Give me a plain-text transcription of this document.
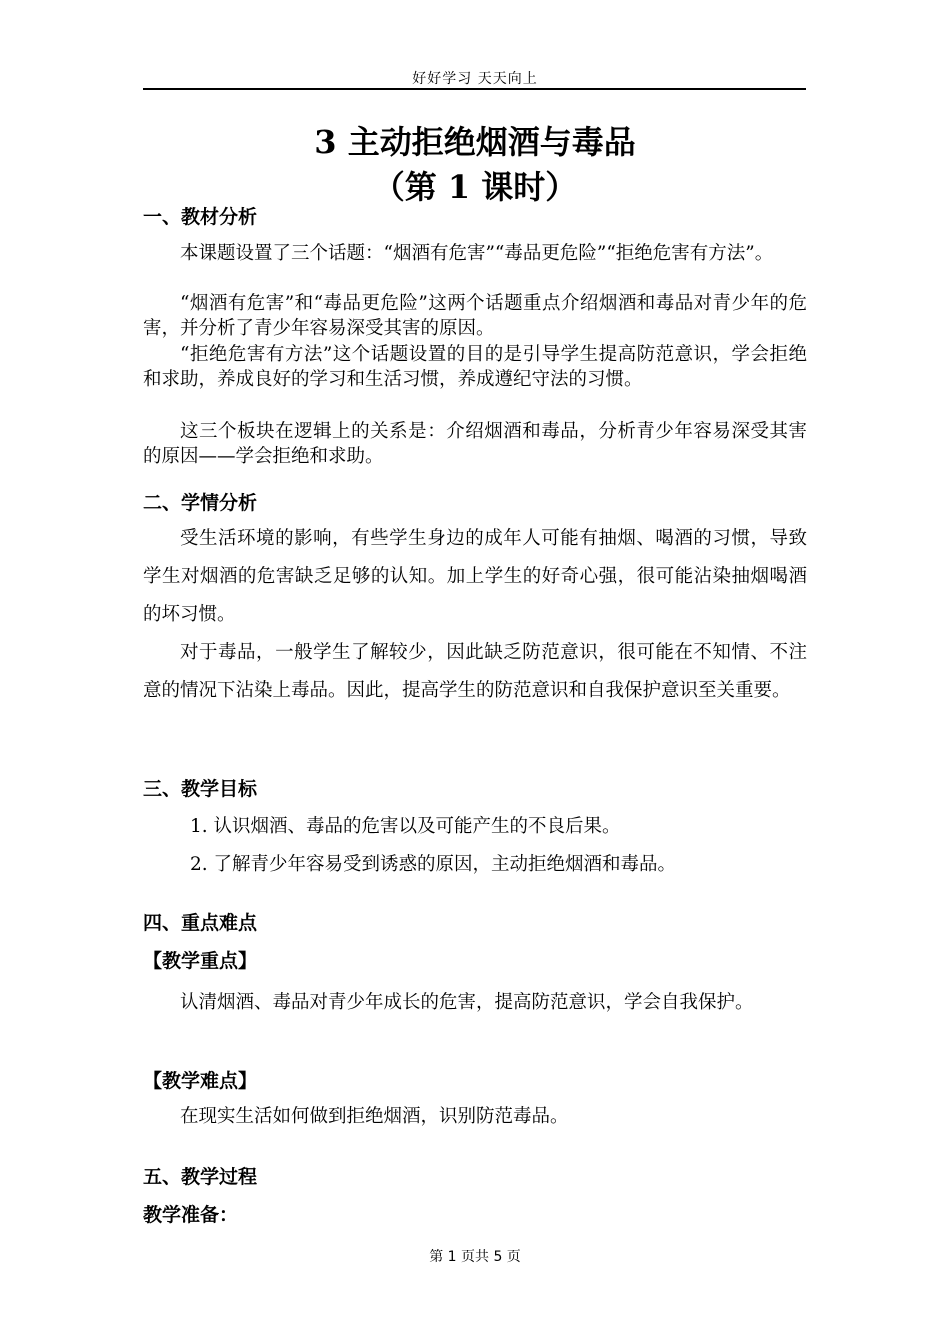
好好学习 天天向上
3 主动拒绝烟酒与毒品
（第 1 课时）
一、教材分析
本课题设置了三个话题：“烟酒有危害”“毒品更危险”“拒绝危害有方法”。
“烟酒有危害”和“毒品更危险”这两个话题重点介绍烟酒和毒品对青少年的危害，并分析了青少年容易深受其害的原因。
“拒绝危害有方法”这个话题设置的目的是引导学生提高防范意识，学会拒绝和求助，养成良好的学习和生活习惯，养成遵纪守法的习惯。
这三个板块在逻辑上的关系是：介绍烟酒和毒品，分析青少年容易深受其害的原因——学会拒绝和求助。
二、学情分析
受生活环境的影响，有些学生身边的成年人可能有抽烟、喝酒的习惯，导致学生对烟酒的危害缺乏足够的认知。加上学生的好奇心强，很可能沾染抽烟喝酒的坏习惯。
对于毒品，一般学生了解较少，因此缺乏防范意识，很可能在不知情、不注意的情况下沾染上毒品。因此，提高学生的防范意识和自我保护意识至关重要。
三、教学目标
1. 认识烟酒、毒品的危害以及可能产生的不良后果。
2. 了解青少年容易受到诱惑的原因，主动拒绝烟酒和毒品。
四、重点难点
【教学重点】
认清烟酒、毒品对青少年成长的危害，提高防范意识，学会自我保护。
【教学难点】
在现实生活如何做到拒绝烟酒，识别防范毒品。
五、教学过程
教学准备：
第 1 页共 5 页
